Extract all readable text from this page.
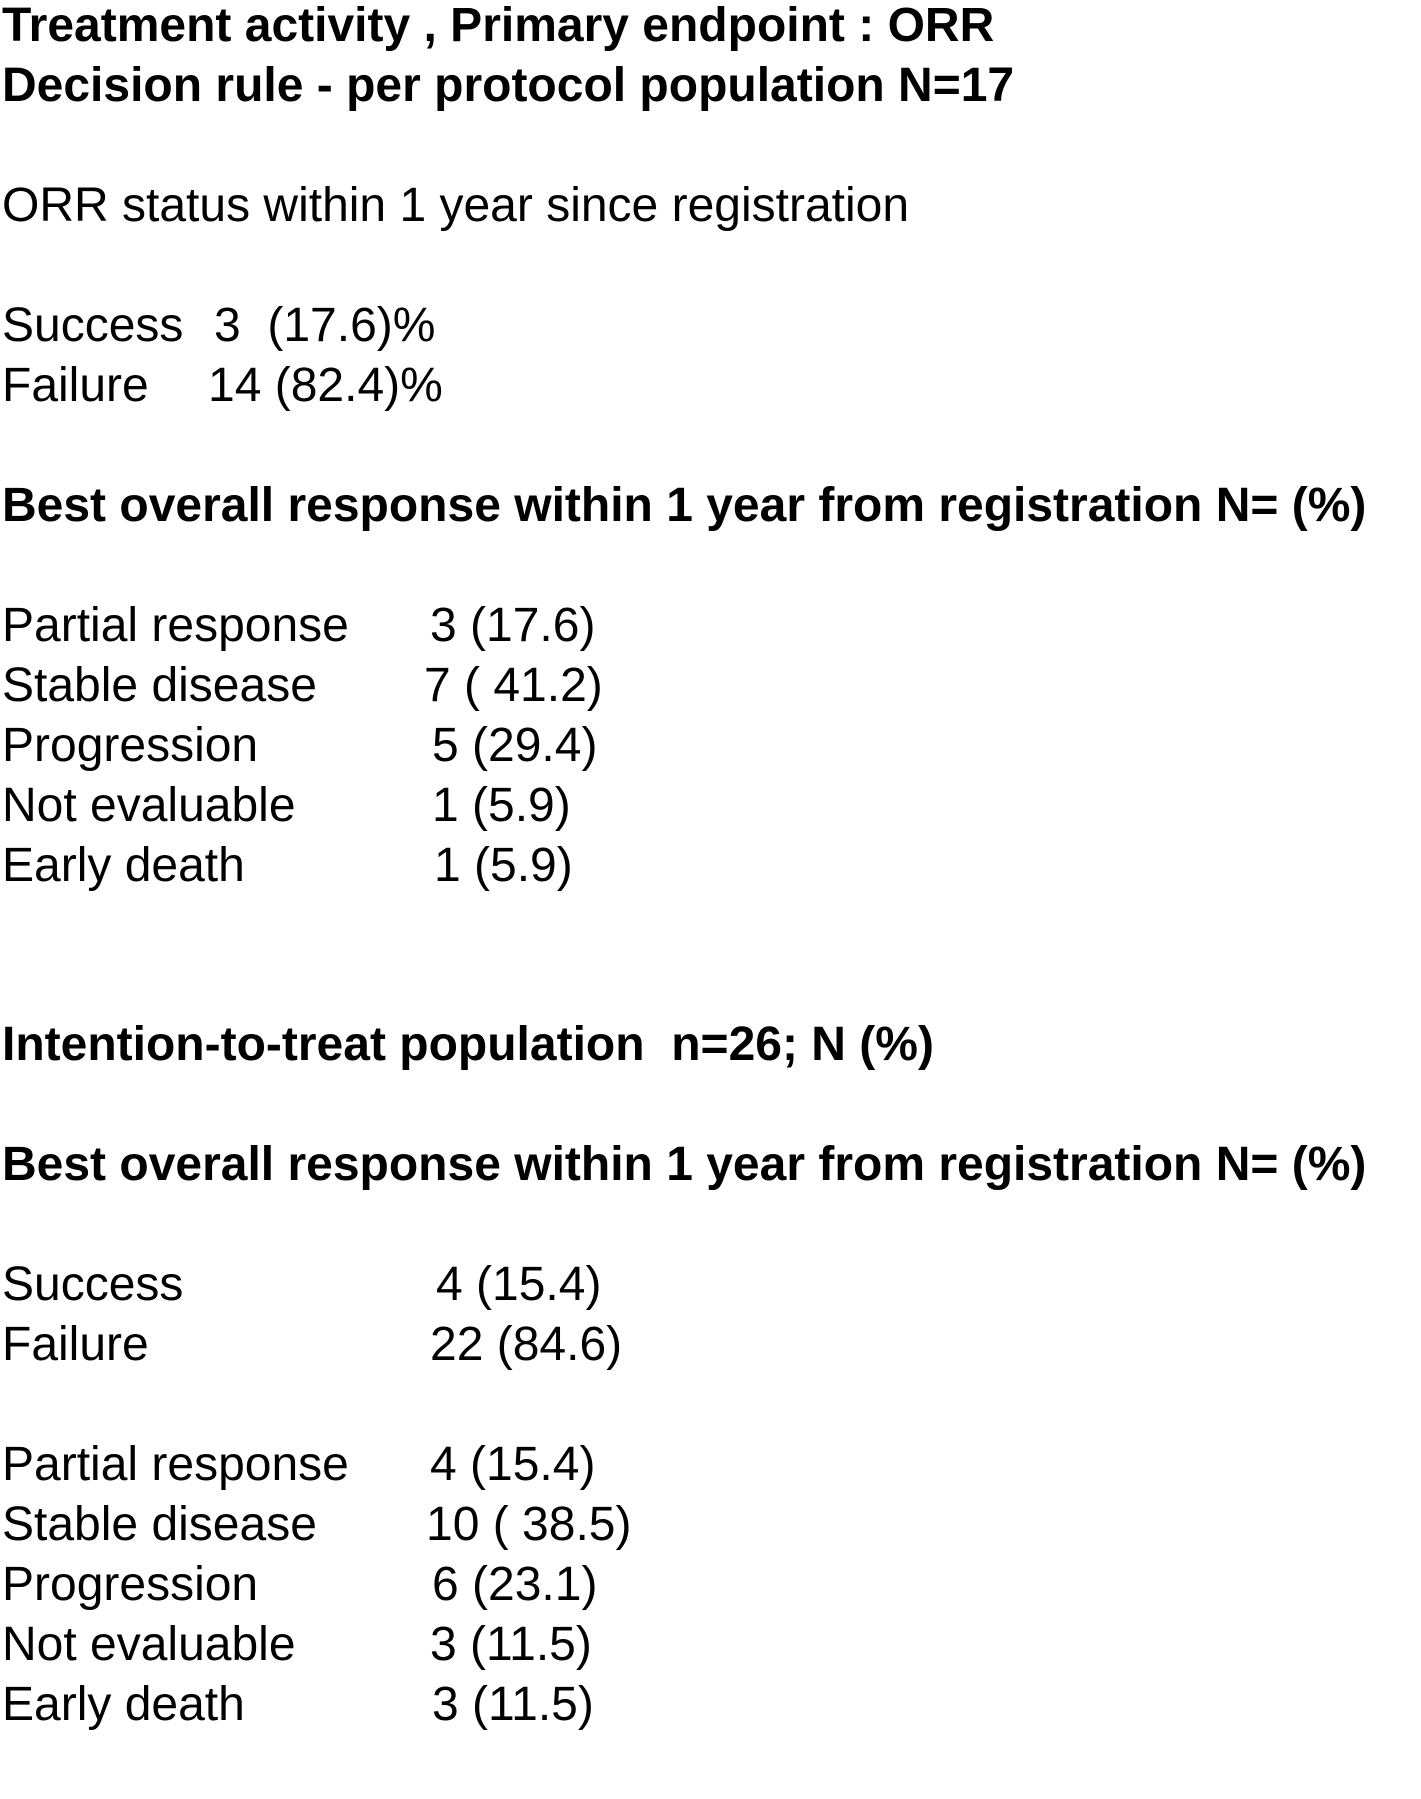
Treatment activity , Primary endpoint : ORR
Decision rule - per protocol population N=17
ORR status within 1 year since registration
Success 3  (17.6)%
Failure 14 (82.4)%
Best overall response within 1 year from registration N= (%)
Partial response 3 (17.6)
Stable disease 7 ( 41.2)
Progression	5 (29.4)
Not evaluable	1 (5.9)
Early death	1 (5.9)
Intention-to-treat population  n=26; N (%)
Best overall response within 1 year from registration N= (%)
Success	4 (15.4)
Failure	22 (84.6)
Partial response 4 (15.4)
Stable disease 10 ( 38.5)
Progression	6 (23.1)
Not evaluable	3 (11.5)
Early death	3 (11.5)
